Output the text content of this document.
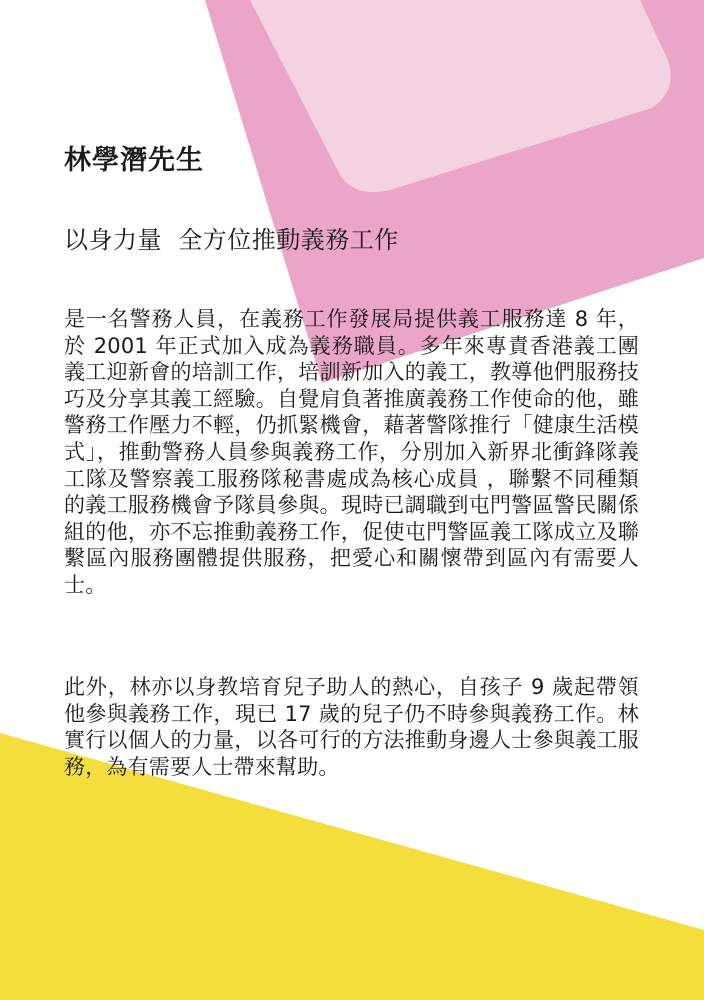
林學潛先生
以身力量  全方位推動義務工作

是一名警務人員，在義務工作發展局提供義工服務達 8 年，於 2001 年正式加入成為義務職員。多年來專責香港義工團義工迎新會的培訓工作，培訓新加入的義工，教導他們服務技巧及分享其義工經驗。自覺肩負著推廣義務工作使命的他，雖警務工作壓力不輕，仍抓緊機會，藉著警隊推行「健康生活模式」，推動警務人員參與義務工作，分別加入新界北衝鋒隊義工隊及警察義工服務隊秘書處成為核心成員 ，聯繫不同種類的義工服務機會予隊員參與。現時已調職到屯門警區警民關係組的他，亦不忘推動義務工作，促使屯門警區義工隊成立及聯繫區內服務團體提供服務，把愛心和關懷帶到區內有需要人士。

此外，林亦以身教培育兒子助人的熱心，自孩子 9 歲起帶領他參與義務工作，現已 17 歲的兒子仍不時參與義務工作。林實行以個人的力量，以各可行的方法推動身邊人士參與義工服務，為有需要人士帶來幫助。
